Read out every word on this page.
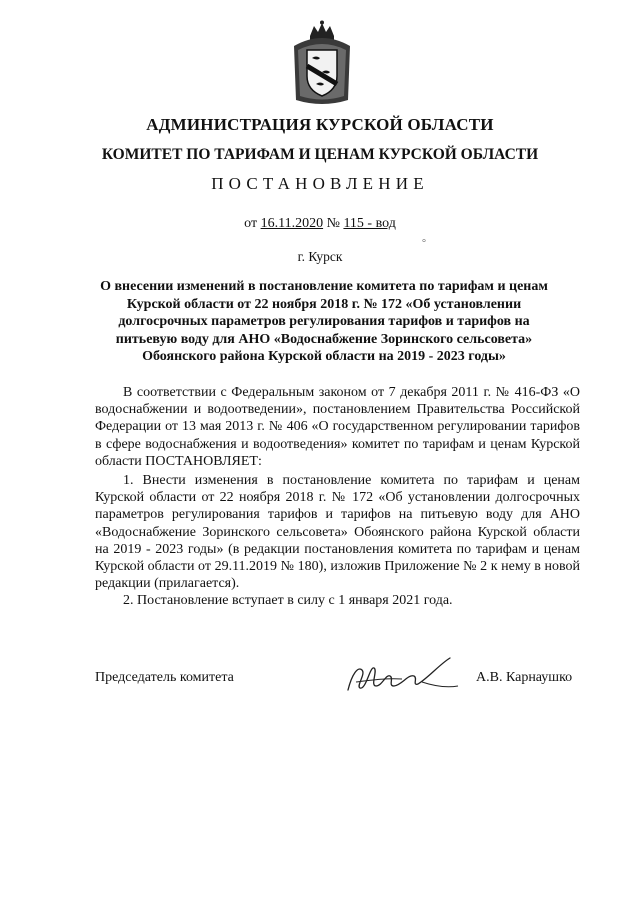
АДМИНИСТРАЦИЯ КУРСКОЙ ОБЛАСТИ
КОМИТЕТ ПО ТАРИФАМ И ЦЕНАМ КУРСКОЙ ОБЛАСТИ
ПОСТАНОВЛЕНИЕ
от 16.11.2020 № 115 - вод
г. Курск
°
О внесении изменений в постановление комитета по тарифам и ценам Курской области от 22 ноября 2018 г. № 172 «Об установлении долгосрочных параметров регулирования тарифов и тарифов на питьевую воду для АНО «Водоснабжение Зоринского сельсовета» Обоянского района Курской области на 2019 - 2023 годы»

В соответствии с Федеральным законом от 7 декабря 2011 г. № 416-ФЗ «О водоснабжении и водоотведении», постановлением Правительства Российской Федерации от 13 мая 2013 г. № 406 «О государственном регулировании тарифов в сфере водоснабжения и водоотведения» комитет по тарифам и ценам Курской области ПОСТАНОВЛЯЕТ:

1. Внести изменения в постановление комитета по тарифам и ценам Курской области от 22 ноября 2018 г. № 172 «Об установлении долгосрочных параметров регулирования тарифов и тарифов на питьевую воду для АНО «Водоснабжение Зоринского сельсовета» Обоянского района Курской области на 2019 - 2023 годы» (в редакции постановления комитета по тарифам и ценам Курской области от 29.11.2019 № 180), изложив Приложение № 2 к нему в новой редакции (прилагается).

2. Постановление вступает в силу с 1 января 2021 года.

Председатель комитета	А.В. Карнаушко
